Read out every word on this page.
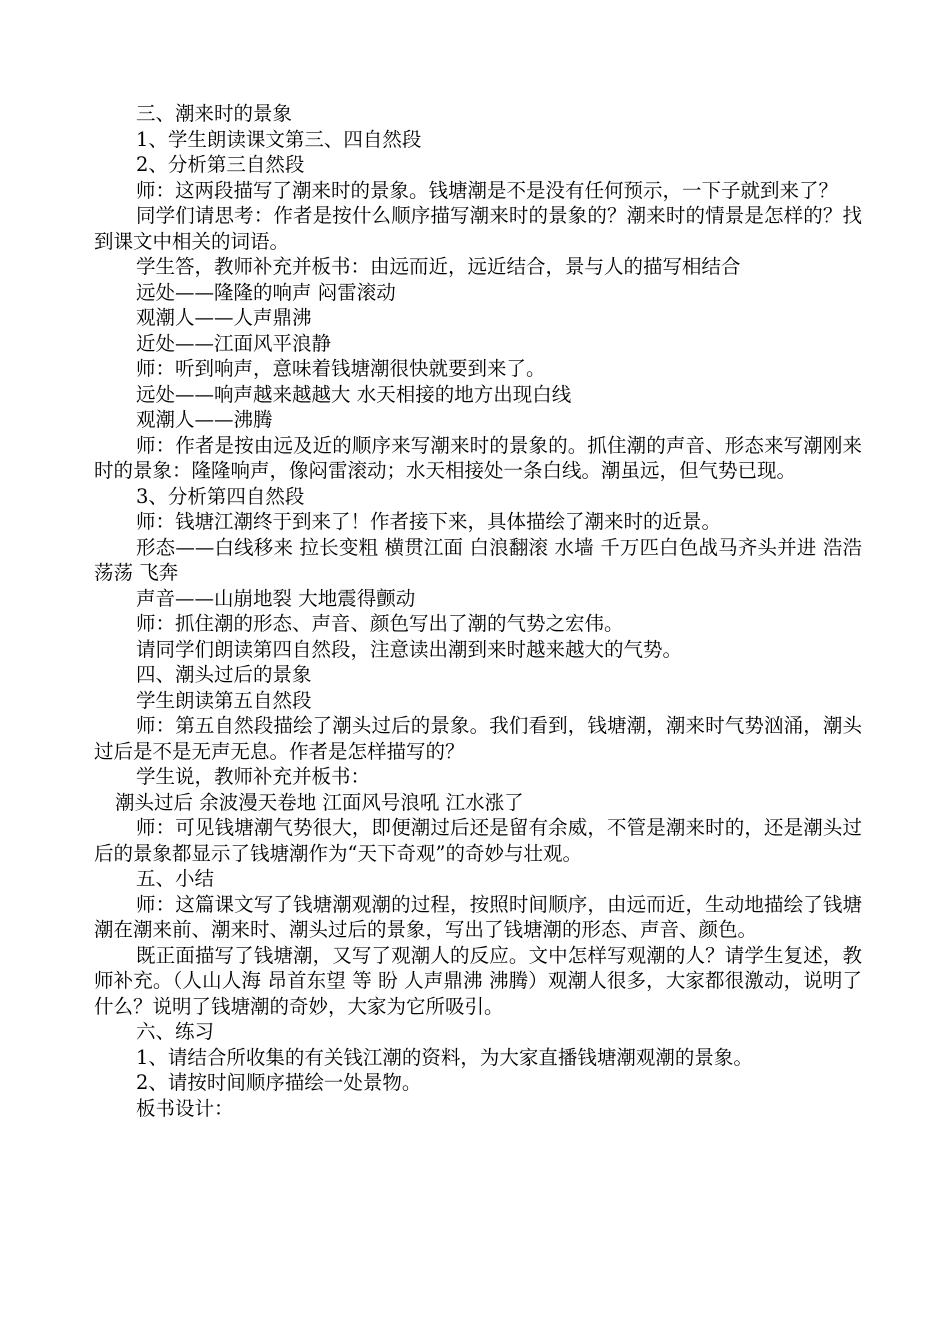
三、潮来时的景象

1、学生朗读课文第三、四自然段

2、分析第三自然段

师：这两段描写了潮来时的景象。钱塘潮是不是没有任何预示，一下子就到来了？

同学们请思考：作者是按什么顺序描写潮来时的景象的？潮来时的情景是怎样的？找到课文中相关的词语。

学生答，教师补充并板书：由远而近，远近结合，景与人的描写相结合

远处——隆隆的响声 闷雷滚动

观潮人——人声鼎沸

近处——江面风平浪静

师：听到响声，意味着钱塘潮很快就要到来了。

远处——响声越来越越大 水天相接的地方出现白线

观潮人——沸腾

师：作者是按由远及近的顺序来写潮来时的景象的。抓住潮的声音、形态来写潮刚来时的景象：隆隆响声，像闷雷滚动；水天相接处一条白线。潮虽远，但气势已现。

3、分析第四自然段

师：钱塘江潮终于到来了！作者接下来，具体描绘了潮来时的近景。

形态——白线移来 拉长变粗 横贯江面 白浪翻滚 水墙 千万匹白色战马齐头并进 浩浩荡荡 飞奔

声音——山崩地裂 大地震得颤动

师：抓住潮的形态、声音、颜色写出了潮的气势之宏伟。

请同学们朗读第四自然段，注意读出潮到来时越来越大的气势。

四、潮头过后的景象

学生朗读第五自然段

师：第五自然段描绘了潮头过后的景象。我们看到，钱塘潮，潮来时气势汹涌，潮头过后是不是无声无息。作者是怎样描写的？

学生说，教师补充并板书：

潮头过后 余波漫天卷地 江面风号浪吼 江水涨了

师：可见钱塘潮气势很大，即便潮过后还是留有余威，不管是潮来时的，还是潮头过后的景象都显示了钱塘潮作为“天下奇观”的奇妙与壮观。

五、小结

师：这篇课文写了钱塘潮观潮的过程，按照时间顺序，由远而近，生动地描绘了钱塘潮在潮来前、潮来时、潮头过后的景象，写出了钱塘潮的形态、声音、颜色。

既正面描写了钱塘潮，又写了观潮人的反应。文中怎样写观潮的人？请学生复述，教师补充。（人山人海 昂首东望 等 盼 人声鼎沸 沸腾）观潮人很多，大家都很激动，说明了什么？说明了钱塘潮的奇妙，大家为它所吸引。

六、练习

1、请结合所收集的有关钱江潮的资料，为大家直播钱塘潮观潮的景象。

2、请按时间顺序描绘一处景物。

板书设计：
